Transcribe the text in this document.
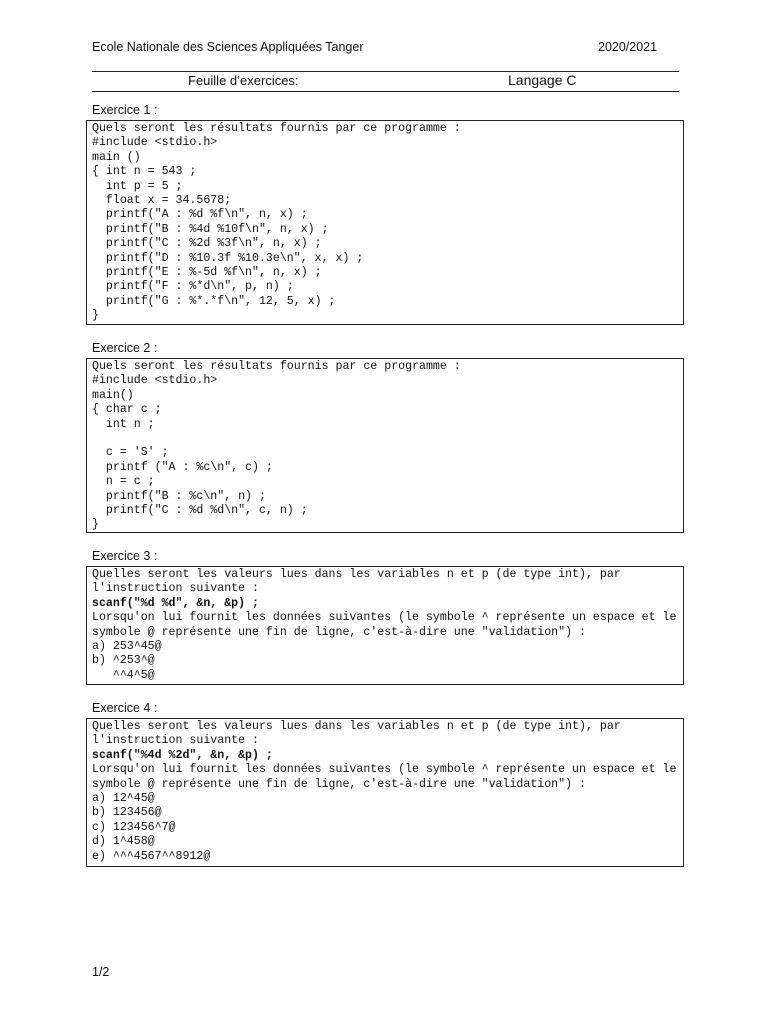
Ecole Nationale des Sciences Appliquées Tanger	2020/2021
Feuille d’exercices:	Langage C
Exercice 1 :
Quels seront les résultats fournis par ce programme :
#include <stdio.h>
main ()
{ int n = 543 ;
int p = 5 ;
float x = 34.5678;
printf("A : %d %f\n", n, x) ;
printf("B : %4d %10f\n", n, x) ;
printf("C : %2d %3f\n", n, x) ;
printf("D : %10.3f %10.3e\n", x, x) ;
printf("E : %-5d %f\n", n, x) ;
printf("F : %*d\n", p, n) ;
printf("G : %*.*f\n", 12, 5, x) ;
}
Exercice 2 :
Quels seront les résultats fournis par ce programme :
#include <stdio.h>
main()
{ char c ;
int n ;
c = 'S' ;
printf ("A : %c\n", c) ;
n = c ;
printf("B : %c\n", n) ;
printf("C : %d %d\n", c, n) ;
}
Exercice 3 :
Quelles seront les valeurs lues dans les variables n et p (de type int), par
l'instruction suivante :
scanf("%d %d", &n, &p) ;
Lorsqu'on lui fournit les données suivantes (le symbole ^ représente un espace et le
symbole @ représente une fin de ligne, c'est-à-dire une "validation") :
a) 253^45@
b) ^253^@
^^4^5@
Exercice 4 :
Quelles seront les valeurs lues dans les variables n et p (de type int), par
l'instruction suivante :
scanf("%4d %2d", &n, &p) ;
Lorsqu'on lui fournit les données suivantes (le symbole ^ représente un espace et le
symbole @ représente une fin de ligne, c'est-à-dire une "validation") :
a) 12^45@
b) 123456@
c) 123456^7@
d) 1^458@
e) ^^^4567^^8912@
1/2
